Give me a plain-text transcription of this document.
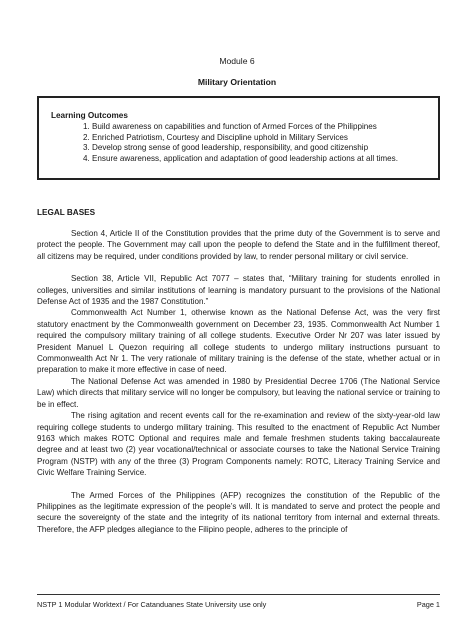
Module 6
Military Orientation
Learning Outcomes
1. Build awareness on capabilities and function of Armed Forces of the Philippines
2. Enriched Patriotism, Courtesy and Discipline uphold in Military Services
3. Develop strong sense of good leadership, responsibility, and good citizenship
4. Ensure awareness, application and adaptation of good leadership actions at all times.
LEGAL BASES

Section 4, Article II of the Constitution provides that the prime duty of the Government is to serve and protect the people. The Government may call upon the people to defend the State and in the fulfillment thereof, all citizens may be required, under conditions provided by law, to render personal military or civil service.

Section 38, Article VII, Republic Act 7077 – states that, “Military training for students enrolled in colleges, universities and similar institutions of learning is mandatory pursuant to the provisions of the National Defense Act of 1935 and the 1987 Constitution.”

Commonwealth Act Number 1, otherwise known as the National Defense Act, was the very first statutory enactment by the Commonwealth government on December 23, 1935. Commonwealth Act Number 1 required the compulsory military training of all college students. Executive Order Nr 207 was later issued by President Manuel L Quezon requiring all college students to undergo military instructions pursuant to Commonwealth Act Nr 1. The very rationale of military training is the defense of the state, whether actual or in preparation to make it more effective in case of need.

The National Defense Act was amended in 1980 by Presidential Decree 1706 (The National Service Law) which directs that military service will no longer be compulsory, but leaving the national service or training to be in effect.

The rising agitation and recent events call for the re-examination and review of the sixty-year-old law requiring college students to undergo military training. This resulted to the enactment of Republic Act Number 9163 which makes ROTC Optional and requires male and female freshmen students taking baccalaureate degree and at least two (2) year vocational/technical or associate courses to take the National Service Training Program (NSTP) with any of the three (3) Program Components namely: ROTC, Literacy Training Service and Civic Welfare Training Service.

The Armed Forces of the Philippines (AFP) recognizes the constitution of the Republic of the Philippines as the legitimate expression of the people’s will. It is mandated to serve and protect the people and secure the sovereignty of the state and the integrity of its national territory from internal and external threats. Therefore, the AFP pledges allegiance to the Filipino people, adheres to the principle of

NSTP 1 Modular Worktext / For Catanduanes State University use only	Page 1
